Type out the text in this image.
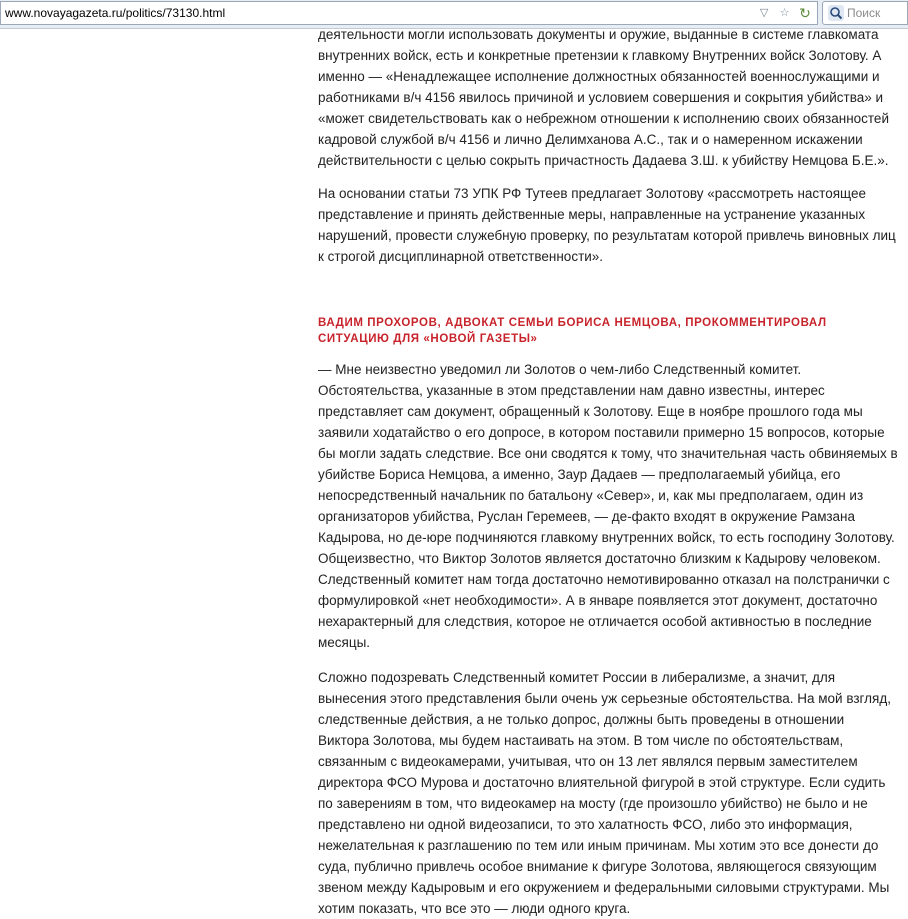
www.novayagazeta.ru/politics/73130.html	▽ ☆ ↻	Поиск

деятельности могли использовать документы и оружие, выданные в системе главкомата внутренних войск, есть и конкретные претензии к главкому Внутренних войск Золотову. А именно — «Ненадлежащее исполнение должностных обязанностей военнослужащими и работниками в/ч 4156 явилось причиной и условием совершения и сокрытия убийства» и «может свидетельствовать как о небрежном отношении к исполнению своих обязанностей кадровой службой в/ч 4156 и лично Делимханова А.С., так и о намеренном искажении действительности с целью сокрыть причастность Дадаева З.Ш. к убийству Немцова Б.Е.».

На основании статьи 73 УПК РФ Тутеев предлагает Золотову «рассмотреть настоящее представление и принять действенные меры, направленные на устранение указанных нарушений, провести служебную проверку, по результатам которой привлечь виновных лиц к строгой дисциплинарной ответственности».

ВАДИМ ПРОХОРОВ, АДВОКАТ СЕМЬИ БОРИСА НЕМЦОВА, ПРОКОММЕНТИРОВАЛ СИТУАЦИЮ ДЛЯ «НОВОЙ ГАЗЕТЫ»

— Мне неизвестно уведомил ли Золотов о чем-либо Следственный комитет. Обстоятельства, указанные в этом представлении нам давно известны, интерес представляет сам документ, обращенный к Золотову. Еще в ноябре прошлого года мы заявили ходатайство о его допросе, в котором поставили примерно 15 вопросов, которые бы могли задать следствие. Все они сводятся к тому, что значительная часть обвиняемых в убийстве Бориса Немцова, а именно, Заур Дадаев — предполагаемый убийца, его непосредственный начальник по батальону «Север», и, как мы предполагаем, один из организаторов убийства, Руслан Геремеев, — де-факто входят в окружение Рамзана Кадырова, но де-юре подчиняются главкому внутренних войск, то есть господину Золотову. Общеизвестно, что Виктор Золотов является достаточно близким к Кадырову человеком. Следственный комитет нам тогда достаточно немотивированно отказал на полстранички с формулировкой «нет необходимости». А в январе появляется этот документ, достаточно нехарактерный для следствия, которое не отличается особой активностью в последние месяцы.

Сложно подозревать Следственный комитет России в либерализме, а значит, для вынесения этого представления были очень уж серьезные обстоятельства. На мой взгляд, следственные действия, а не только допрос, должны быть проведены в отношении Виктора Золотова, мы будем настаивать на этом. В том числе по обстоятельствам, связанным с видеокамерами, учитывая, что он 13 лет являлся первым заместителем директора ФСО Мурова и достаточно влиятельной фигурой в этой структуре. Если судить по заверениям в том, что видеокамер на мосту (где произошло убийство) не было и не представлено ни одной видеозаписи, то это халатность ФСО, либо это информация, нежелательная к разглашению по тем или иным причинам. Мы хотим это все донести до суда, публично привлечь особое внимание к фигуре Золотова, являющегося связующим звеном между Кадыровым и его окружением и федеральными силовыми структурами. Мы хотим показать, что все это — люди одного круга.
